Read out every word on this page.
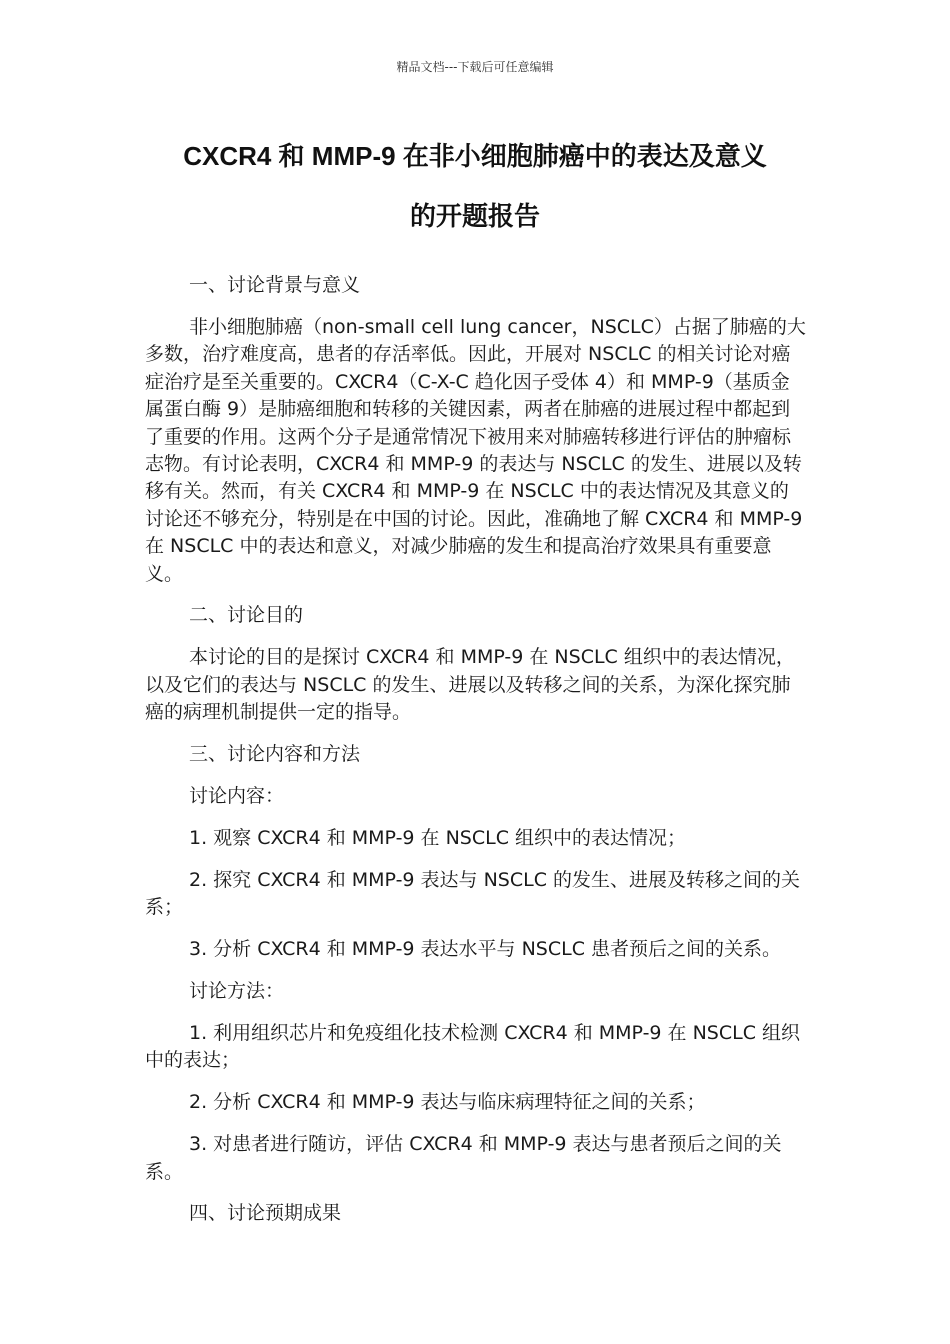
精品文档---下载后可任意编辑
CXCR4 和 MMP-9 在非小细胞肺癌中的表达及意义
的开题报告

一、讨论背景与意义

非小细胞肺癌（non-small cell lung cancer，NSCLC）占据了肺癌的大多数，治疗难度高，患者的存活率低。因此，开展对 NSCLC 的相关讨论对癌症治疗是至关重要的。CXCR4（C-X-C 趋化因子受体 4）和 MMP-9（基质金属蛋白酶 9）是肺癌细胞和转移的关键因素，两者在肺癌的进展过程中都起到了重要的作用。这两个分子是通常情况下被用来对肺癌转移进行评估的肿瘤标志物。有讨论表明，CXCR4 和 MMP-9 的表达与 NSCLC 的发生、进展以及转移有关。然而，有关 CXCR4 和 MMP-9 在 NSCLC 中的表达情况及其意义的讨论还不够充分，特别是在中国的讨论。因此，准确地了解 CXCR4 和 MMP-9 在 NSCLC 中的表达和意义，对减少肺癌的发生和提高治疗效果具有重要意义。

二、讨论目的

本讨论的目的是探讨 CXCR4 和 MMP-9 在 NSCLC 组织中的表达情况，以及它们的表达与 NSCLC 的发生、进展以及转移之间的关系，为深化探究肺癌的病理机制提供一定的指导。

三、讨论内容和方法

讨论内容：

1. 观察 CXCR4 和 MMP-9 在 NSCLC 组织中的表达情况；

2. 探究 CXCR4 和 MMP-9 表达与 NSCLC 的发生、进展及转移之间的关系；

3. 分析 CXCR4 和 MMP-9 表达水平与 NSCLC 患者预后之间的关系。

讨论方法：

1. 利用组织芯片和免疫组化技术检测 CXCR4 和 MMP-9 在 NSCLC 组织中的表达；

2. 分析 CXCR4 和 MMP-9 表达与临床病理特征之间的关系；

3. 对患者进行随访，评估 CXCR4 和 MMP-9 表达与患者预后之间的关系。

四、讨论预期成果
